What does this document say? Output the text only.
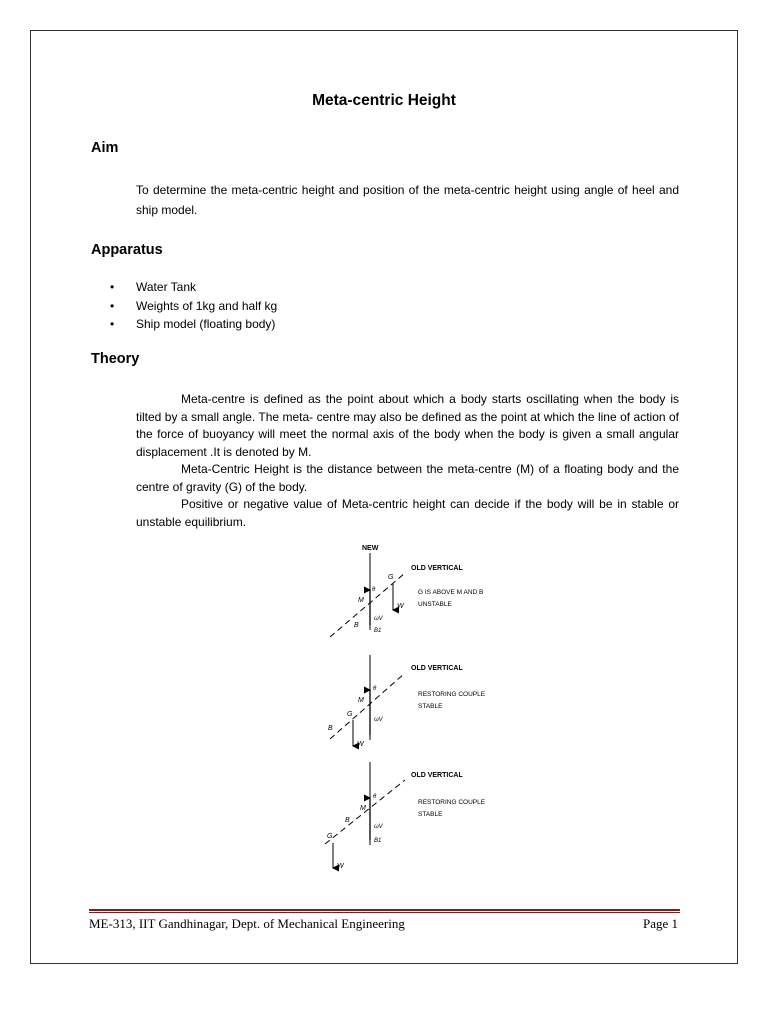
Meta-centric Height
Aim
To determine the meta-centric height and position of the meta-centric height using angle of heel and ship model.
Apparatus
• Water Tank
• Weights of 1kg and half kg
• Ship model (floating body)
Theory

Meta-centre is defined as the point about which a body starts oscillating when the body is tilted by a small angle. The meta- centre may also be defined as the point at which the line of action of the force of buoyancy will meet the normal axis of the body when the body is given a small angular displacement .It is denoted by M.

Meta-Centric Height is the distance between the meta-centre (M) of a floating body and the centre of gravity (G) of the body.

Positive or negative value of Meta-centric height can decide if the body will be in stable or unstable equilibrium.

NEW
OLD VERTICAL
G
θ
M
B
W
ωV
B1
G IS ABOVE M AND B
UNSTABLE
OLD VERTICAL
θ
M
G
B
W
ωV
RESTORING COUPLE
STABLE
OLD VERTICAL
θ
M
B
G
W
ωV
B1
RESTORING COUPLE
STABLE
ME-313, IIT Gandhinagar, Dept. of Mechanical Engineering	Page 1
